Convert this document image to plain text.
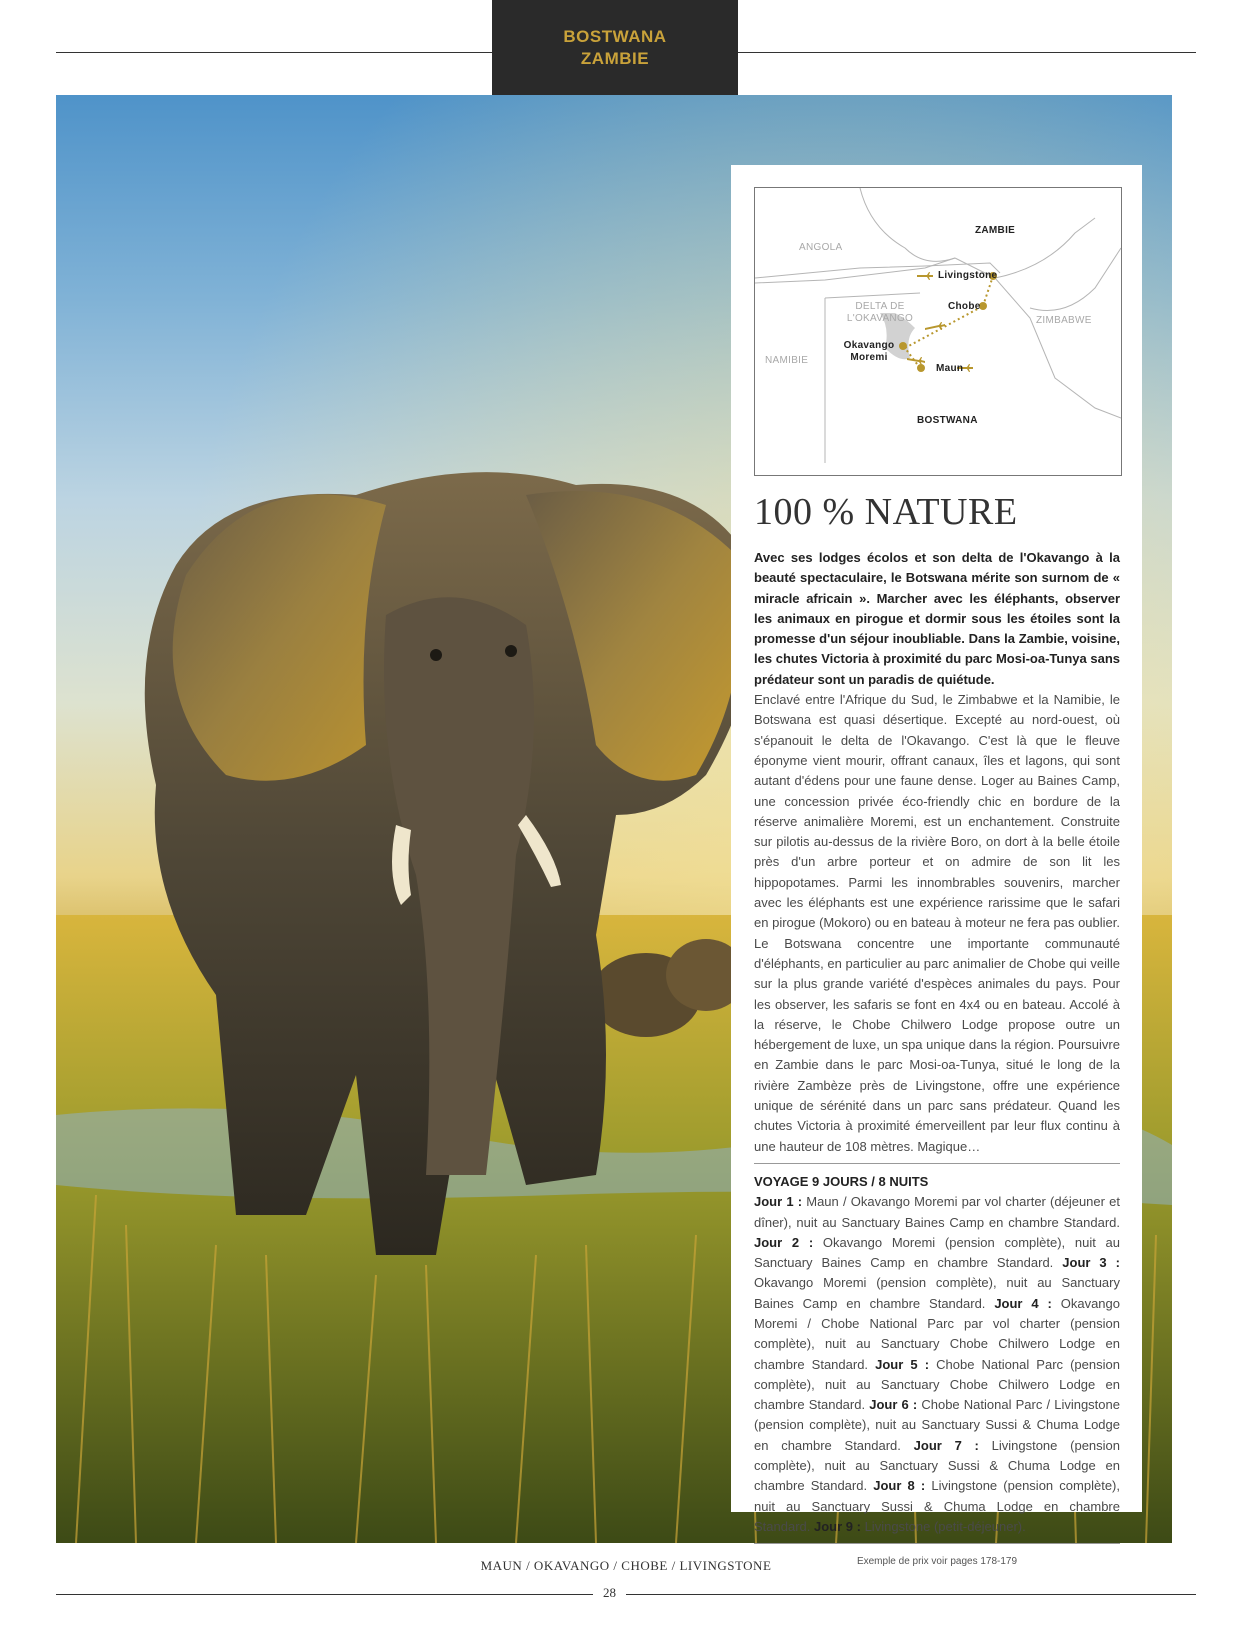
BOSTWANA
ZAMBIE
ANGOLA
ZAMBIE
ZIMBABWE
NAMIBIE
BOSTWANA
DELTA DE
L'OKAVANGO
Livingstone
Chobe
Okavango
Moremi
Maun
100 % NATURE
Avec ses lodges écolos et son delta de l'Okavango à la beauté spectaculaire, le Botswana mérite son surnom de « miracle africain ». Marcher avec les éléphants, observer les animaux en pirogue et dormir sous les étoiles sont la promesse d'un séjour inoubliable. Dans la Zambie, voisine, les chutes Victoria à proximité du parc Mosi-oa-Tunya sans prédateur sont un paradis de quiétude.
Enclavé entre l'Afrique du Sud, le Zimbabwe et la Namibie, le Botswana est quasi désertique. Excepté au nord-ouest, où s'épanouit le delta de l'Okavango. C'est là que le fleuve éponyme vient mourir, offrant canaux, îles et lagons, qui sont autant d'édens pour une faune dense. Loger au Baines Camp, une concession privée éco-friendly chic en bordure de la réserve animalière Moremi, est un enchantement. Construite sur pilotis au-dessus de la rivière Boro, on dort à la belle étoile près d'un arbre porteur et on admire de son lit les hippopotames. Parmi les innombrables souvenirs, marcher avec les éléphants est une expérience rarissime que le safari en pirogue (Mokoro) ou en bateau à moteur ne fera pas oublier. Le Botswana concentre une importante communauté d'éléphants, en particulier au parc animalier de Chobe qui veille sur la plus grande variété d'espèces animales du pays. Pour les observer, les safaris se font en 4x4 ou en bateau. Accolé à la réserve, le Chobe Chilwero Lodge propose outre un hébergement de luxe, un spa unique dans la région. Poursuivre en Zambie dans le parc Mosi-oa-Tunya, situé le long de la rivière Zambèze près de Livingstone, offre une expérience unique de sérénité dans un parc sans prédateur. Quand les chutes Victoria à proximité émerveillent par leur flux continu à une hauteur de 108 mètres. Magique…
VOYAGE 9 JOURS / 8 NUITS
Jour 1 : Maun / Okavango Moremi par vol charter (déjeuner et dîner), nuit au Sanctuary Baines Camp en chambre Standard. Jour 2 : Okavango Moremi (pension complète), nuit au Sanctuary Baines Camp en chambre Standard. Jour 3 : Okavango Moremi (pension complète), nuit au Sanctuary Baines Camp en chambre Standard. Jour 4 : Okavango Moremi / Chobe National Parc par vol charter (pension complète), nuit au Sanctuary Chobe Chilwero Lodge en chambre Standard. Jour 5 : Chobe National Parc (pension complète), nuit au Sanctuary Chobe Chilwero Lodge en chambre Standard. Jour 6 : Chobe National Parc / Livingstone (pension complète), nuit au Sanctuary Sussi & Chuma Lodge en chambre Standard. Jour 7 : Livingstone (pension complète), nuit au Sanctuary Sussi & Chuma Lodge en chambre Standard. Jour 8 : Livingstone (pension complète), nuit au Sanctuary Sussi & Chuma Lodge en chambre Standard. Jour 9 : Livingstone (petit-déjeuner).
Exemple de prix voir pages 178-179
MAUN / OKAVANGO / CHOBE / LIVINGSTONE
28
